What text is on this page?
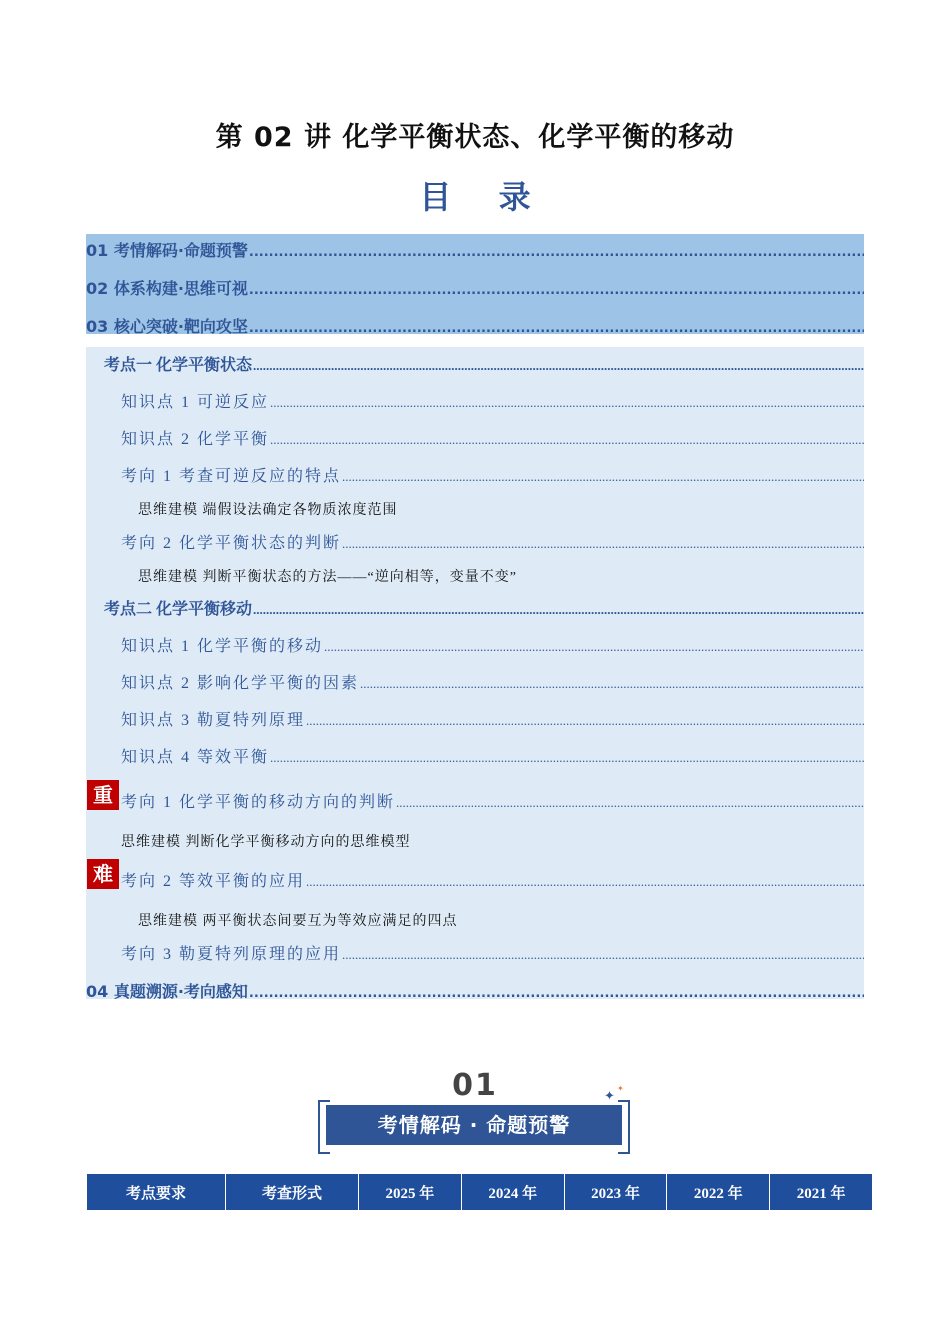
第 02 讲 化学平衡状态、化学平衡的移动
目 录
01 考情解码·命题预警
.....
02 体系构建·思维可视
.....
03 核心突破·靶向攻坚
.....
考点一 化学平衡状态
.....
知识点 1 可逆反应
.....
知识点 2 化学平衡
.....
考向 1 考查可逆反应的特点
.....
思维建模 端假设法确定各物质浓度范围
考向 2 化学平衡状态的判断
.....
思维建模 判断平衡状态的方法——“逆向相等，变量不变”
考点二 化学平衡移动
.....
知识点 1 化学平衡的移动
.....
知识点 2 影响化学平衡的因素
.....
知识点 3 勒夏特列原理
.....
知识点 4 等效平衡
.....
重 考向 1 化学平衡的移动方向的判断
.....
思维建模 判断化学平衡移动方向的思维模型
难 考向 2 等效平衡的应用
.....
思维建模 两平衡状态间要互为等效应满足的四点
考向 3 勒夏特列原理的应用
.....
04 真题溯源·考向感知
.....
01
考情解码 · 命题预警
✦
✦
考点要求	考查形式	2025 年	2024 年	2023 年	2022 年	2021 年
